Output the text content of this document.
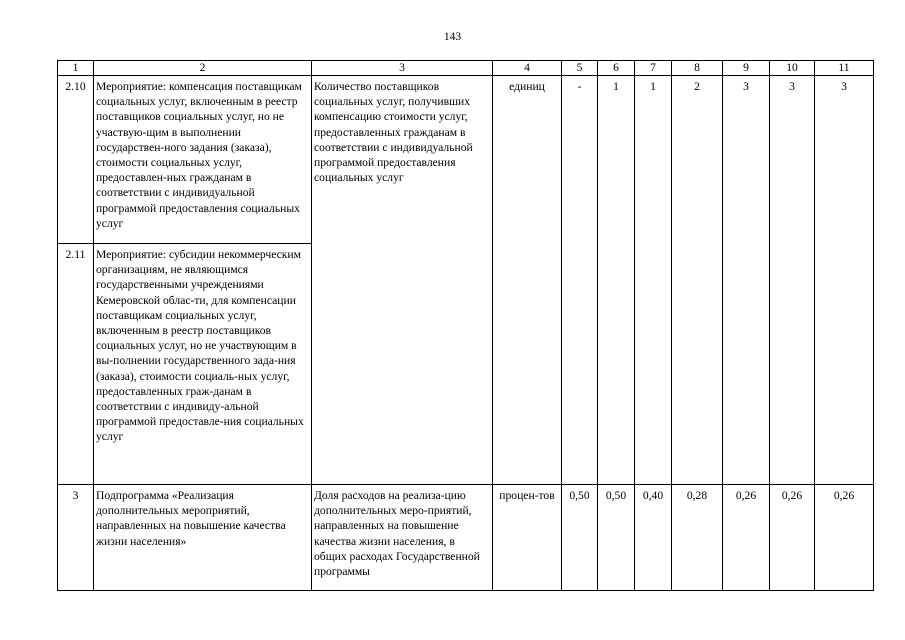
143
1	2	3	4	5	6	7	8	9	10	11
2.10	Мероприятие: компенсация поставщикам социальных услуг, включенным в реестр поставщиков социальных услуг, но не участвую-щим в выполнении государствен-ного задания (заказа), стоимости социальных услуг, предоставлен-ных гражданам в соответствии с индивидуальной программой предоставления социальных услуг	Количество поставщиков социальных услуг, получивших компенсацию стоимости услуг, предоставленных гражданам в соответствии с индивидуальной программой предоставления социальных услуг	единиц	-	1	1	2	3	3	3
2.11	Мероприятие: субсидии некоммерческим организациям, не являющимся государственными учреждениями Кемеровской облас-ти, для компенсации поставщикам социальных услуг, включенным в реестр поставщиков социальных услуг, но не участвующим в вы-полнении государственного зада-ния (заказа), стоимости социаль-ных услуг, предоставленных граж-данам в соответствии с индивиду-альной программой предоставле-ния социальных услуг									
3	Подпрограмма «Реализация дополнительных мероприятий, направленных на повышение качества жизни населения»	Доля расходов на реализа-цию дополнительных меро-приятий, направленных на повышение качества жизни населения, в общих расходах Государственной программы	процен-тов	0,50	0,50	0,40	0,28	0,26	0,26	0,26
